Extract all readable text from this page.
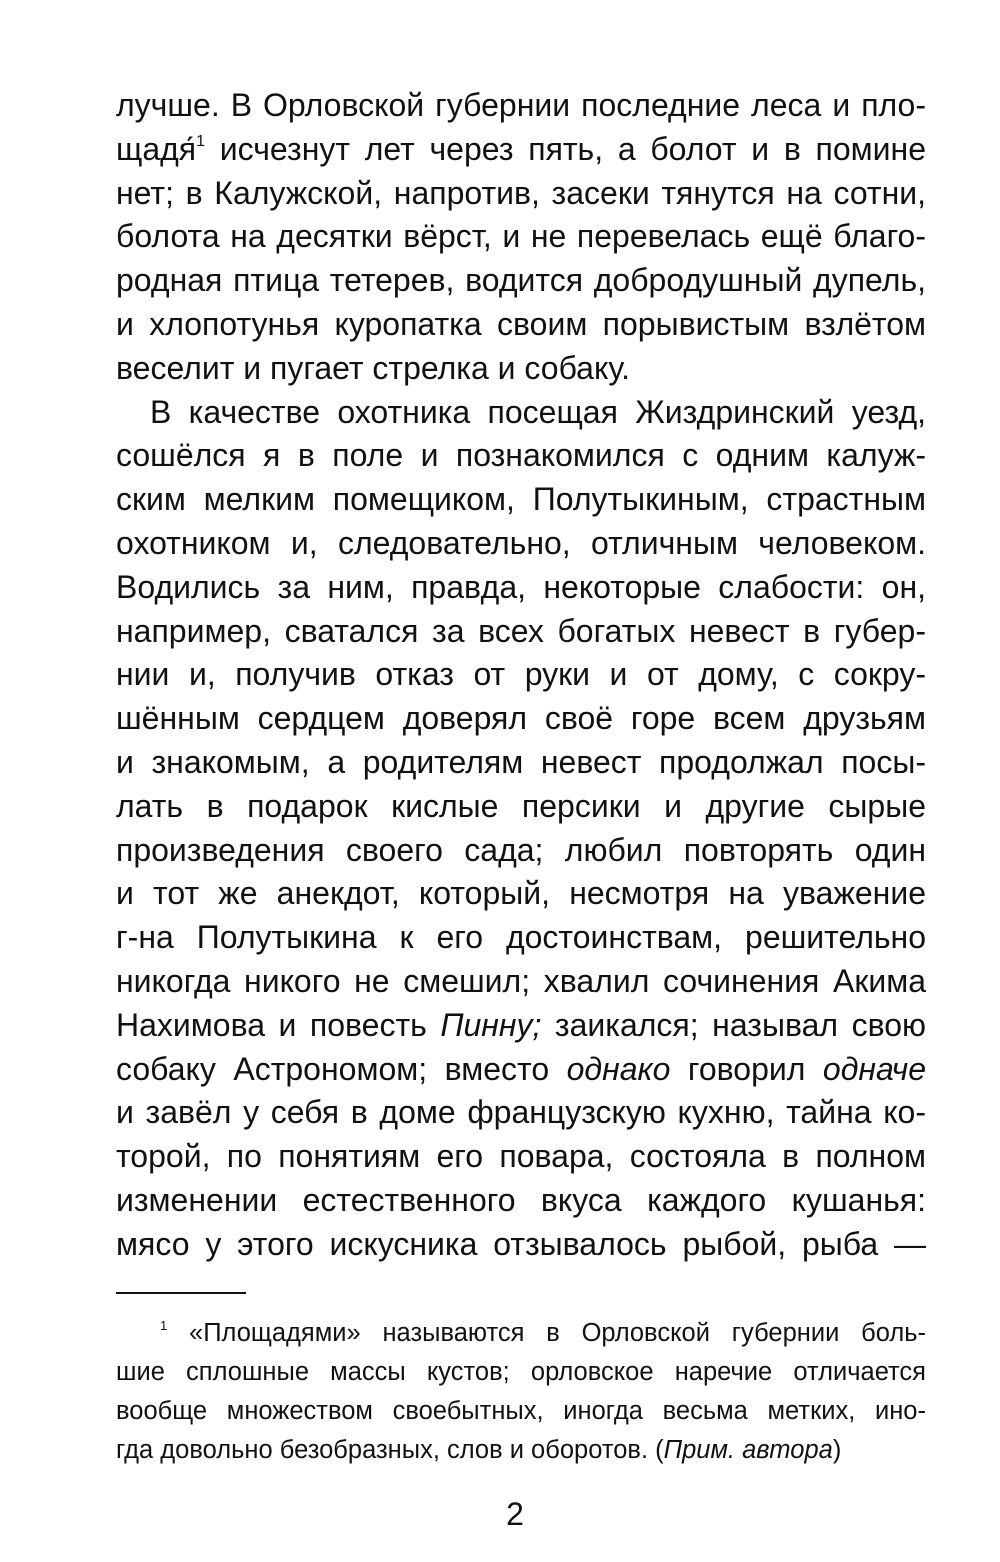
лучше. В Орловской губернии последние леса и пло-
щадя́$^1$ исчезнут лет через пять, а болот и в помине
нет; в Калужской, напротив, засеки тянутся на сотни,
болота на десятки вёрст, и не перевелась ещё благо-
родная птица тетерев, водится добродушный дупель,
и хлопотунья куропатка своим порывистым взлётом
веселит и пугает стрелка и собаку.
В качестве охотника посещая Жиздринский уезд,
сошёлся я в поле и познакомился с одним калуж-
ским мелким помещиком, Полутыкиным, страстным
охотником и, следовательно, отличным человеком.
Водились за ним, правда, некоторые слабости: он,
например, сватался за всех богатых невест в губер-
нии и, получив отказ от руки и от дому, с сокру-
шённым сердцем доверял своё горе всем друзьям
и знакомым, а родителям невест продолжал посы-
лать в подарок кислые персики и другие сырые
произведения своего сада; любил повторять один
и тот же анекдот, который, несмотря на уважение
г-на Полутыкина к его достоинствам, решительно
никогда никого не смешил; хвалил сочинения Акима
Нахимова и повесть Пинну; заикался; называл свою
собаку Астрономом; вместо однако говорил одначе
и завёл у себя в доме французскую кухню, тайна ко-
торой, по понятиям его повара, состояла в полном
изменении естественного вкуса каждого кушанья:
мясо у этого искусника отзывалось рыбой, рыба —
$^1$ «Площадями» называются в Орловской губернии боль-
шие сплошные массы кустов; орловское наречие отличается
вообще множеством своебытных, иногда весьма метких, ино-
гда довольно безобразных, слов и оборотов. (Прим. автора)
2
